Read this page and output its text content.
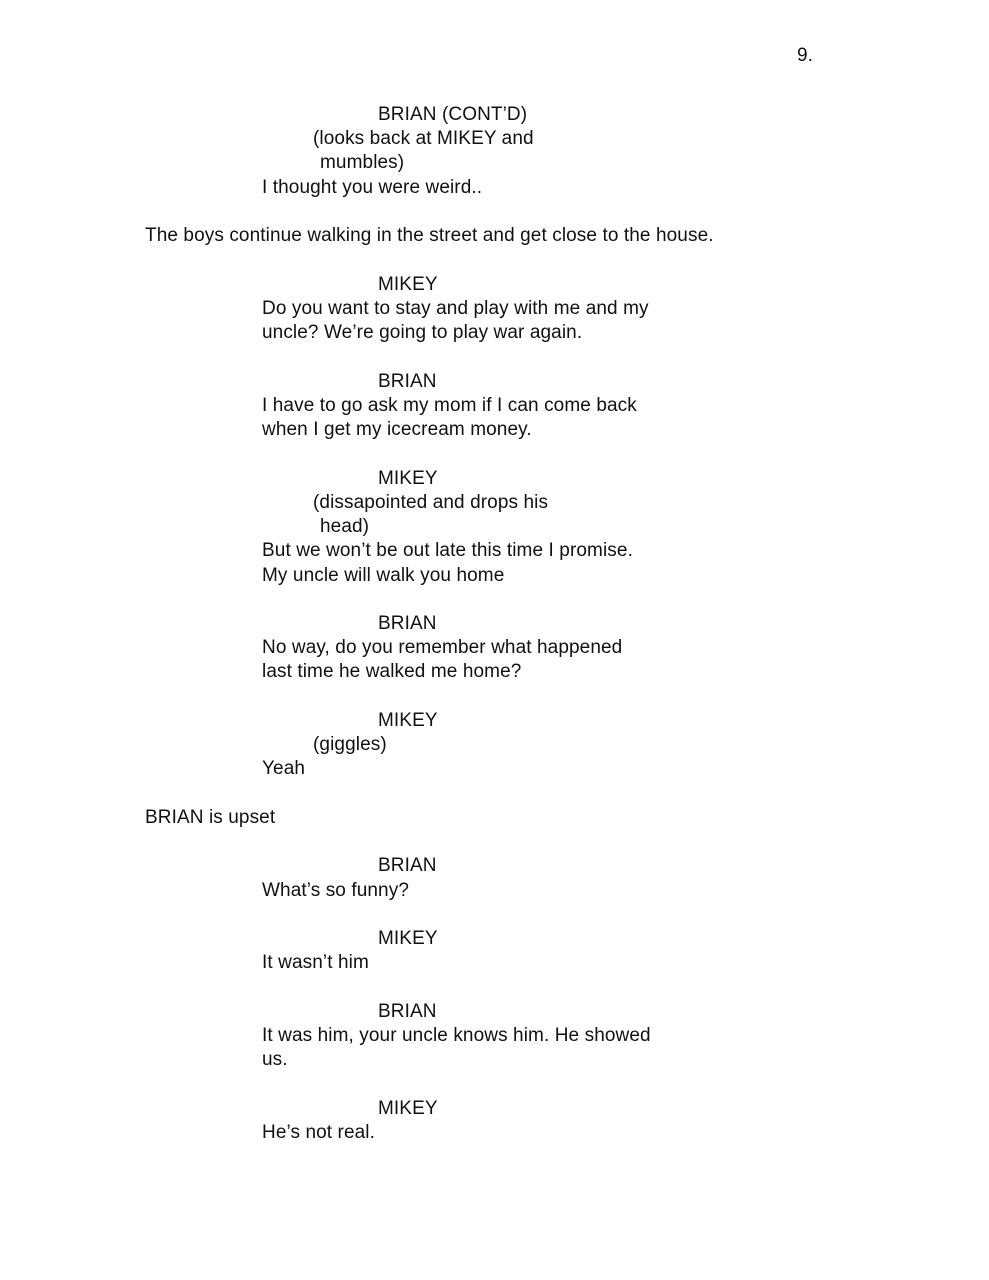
9.
BRIAN (CONT’D)
(looks back at MIKEY and
mumbles)
I thought you were weird..
The boys continue walking in the street and get close to the house.
MIKEY
Do you want to stay and play with me and my
uncle? We’re going to play war again.
BRIAN
I have to go ask my mom if I can come back
when I get my icecream money.
MIKEY
(dissapointed and drops his
head)
But we won’t be out late this time I promise.
My uncle will walk you home
BRIAN
No way, do you remember what happened
last time he walked me home?
MIKEY
(giggles)
Yeah
BRIAN is upset
BRIAN
What’s so funny?
MIKEY
It wasn’t him
BRIAN
It was him, your uncle knows him. He showed
us.
MIKEY
He’s not real.
